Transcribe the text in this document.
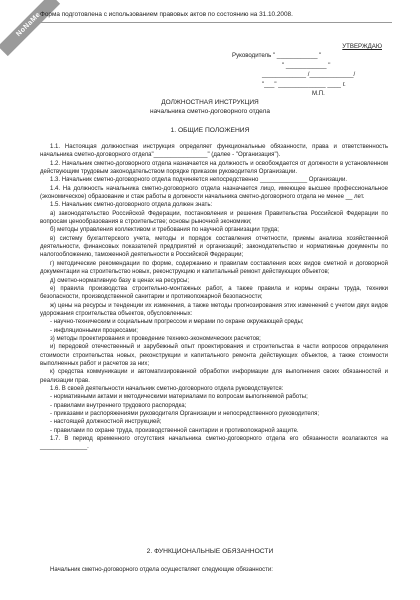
NoNaMe
Форма подготовлена с использованием правовых актов по состоянию на 31.10.2008.
УТВЕРЖДАЮ
Руководитель " ____________ "
" ____________ "
_____________ /_____________/
"___" ______________ ____ г.
М.П.
ДОЛЖНОСТНАЯ ИНСТРУКЦИЯ
начальника сметно-договорного отдела
1. ОБЩИЕ ПОЛОЖЕНИЯ

1.1. Настоящая должностная инструкция определяет функциональные обязанности, права и ответственность начальника сметно-договорного отдела"________________" (далее - "Организация").

1.2. Начальник сметно-договорного отдела назначается на должность и освобождается от должности в установленном действующим трудовым законодательством порядке приказом руководителя Организации.

1.3. Начальник сметно-договорного отдела подчиняется непосредственно ______________ Организации.

1.4. На должность начальника сметно-договорного отдела назначается лицо, имеющее высшее профессиональное (экономическое) образование и стаж работы в должности начальника сметно-договорного отдела не менее __ лет.

1.5. Начальник сметно-договорного отдела должен знать:

а) законодательство Российской Федерации, постановления и решения Правительства Российской Федерации по вопросам ценообразования в строительстве; основы рыночной экономики;

б) методы управления коллективом и требования по научной организации труда;

в) систему бухгалтерского учета, методы и порядок составления отчетности, приемы анализа хозяйственной деятельности, финансовых показателей предприятий и организаций; законодательство и нормативные документы по налогообложению, таможенной деятельности в Российской Федерации;

г) методические рекомендации по форме, содержанию и правилам составления всех видов сметной и договорной документации на строительство новых, реконструкцию и капитальный ремонт действующих объектов;

д) сметно-нормативную базу в ценах на ресурсы;

е) правила производства строительно-монтажных работ, а также правила и нормы охраны труда, техники безопасности, производственной санитарии и противопожарной безопасности;

ж) цены на ресурсы и тенденции их изменения, а также методы прогнозирования этих изменений с учетом двух видов удорожания строительства объектов, обусловленных:

- научно-техническим и социальным прогрессом и мерами по охране окружающей среды;

- инфляционными процессами;

з) методы проектирования и проведение технико-экономических расчетов;

и) передовой отечественный и зарубежный опыт проектирования и строительства в части вопросов определения стоимости строительства новых, реконструкции и капитального ремонта действующих объектов, а также стоимости выполненных работ и расчетов за них;

к) средства коммуникации и автоматизированной обработки информации для выполнения своих обязанностей и реализации прав.

1.6. В своей деятельности начальник сметно-договорного отдела руководствуется:

- нормативными актами и методическими материалами по вопросам выполняемой работы;

- правилами внутреннего трудового распорядка;

- приказами и распоряжениями руководителя Организации и непосредственного руководителя;

- настоящей должностной инструкцией;

- правилами по охране труда, производственной санитарии и противопожарной защите.

1.7. В период временного отсутствия начальника сметно-договорного отдела его обязанности возлагаются на ______________.

2. ФУНКЦИОНАЛЬНЫЕ ОБЯЗАННОСТИ

Начальник сметно-договорного отдела осуществляет следующие обязанности:
